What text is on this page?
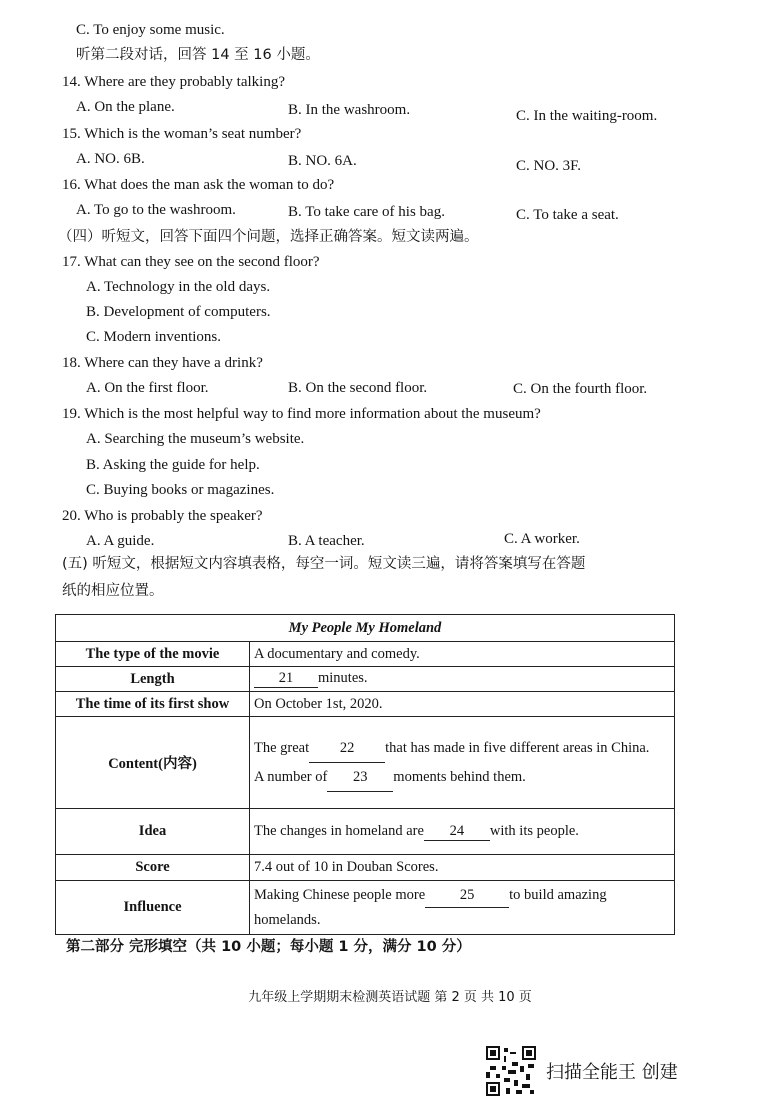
C. To enjoy some music.
听第二段对话，回答 14 至 16 小题。
14. Where are they probably talking?
A. On the plane.	B. In the washroom.	C. In the waiting-room.
15. Which is the woman’s seat number?
A. NO. 6B.	B. NO. 6A.	C. NO. 3F.
16. What does the man ask the woman to do?
A. To go to the washroom.	B. To take care of his bag.	C. To take a seat.
（四）听短文，回答下面四个问题，选择正确答案。短文读两遍。
17. What can they see on the second floor?
A. Technology in the old days.
B. Development of computers.
C. Modern inventions.
18. Where can they have a drink?
A. On the first floor.	B. On the second floor.	C. On the fourth floor.
19. Which is the most helpful way to find more information about the museum?
A. Searching the museum’s website.
B. Asking the guide for help.
C. Buying books or magazines.
20. Who is probably the speaker?
A. A guide.	B. A teacher.	C. A worker.
(五) 听短文，根据短文内容填表格，每空一词。短文读三遍，请将答案填写在答题
纸的相应位置。
My People My Homeland	
The type of the movie	A documentary and comedy.
Length	21 minutes.
The time of its first show	On October 1st, 2020.
Content(内容)	The great 22 that has made in five different areas in China.
A number of 23 moments behind them.

Idea	The changes in homeland are 24 with its people.
Score	7.4 out of 10 in Douban Scores.
Influence	Making Chinese people more 25 to build amazing homelands.
第二部分 完形填空（共 10 小题；每小题 1 分，满分 10 分）
九年级上学期期末检测英语试题 第 2 页 共 10 页
扫描全能王 创建
